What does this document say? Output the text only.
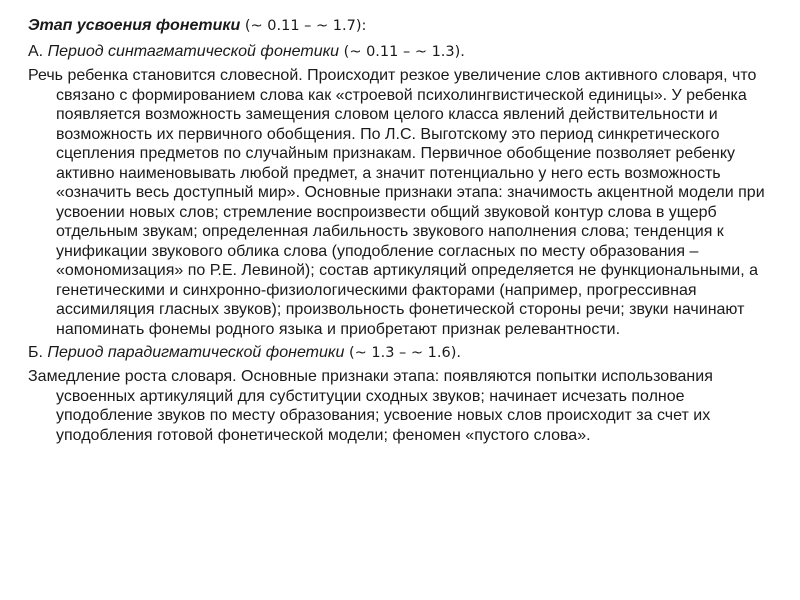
Этап усвоения фонетики (~ 0.11 – ~ 1.7):
А. Период синтагматической фонетики (~ 0.11 – ~ 1.3).

Речь ребенка становится словесной. Происходит резкое увеличение слов активного словаря, что связано с формированием слова как «строевой психолингвистической единицы». У ребенка появляется возможность замещения словом целого класса явлений действительности и возможность их первичного обобщения. По Л.С. Выготскому это период синкретического сцепления предметов по случайным признакам. Первичное обобщение позволяет ребенку активно наименовывать любой предмет, а значит потенциально у него есть возможность «означить весь доступный мир». Основные признаки этапа: значимость акцентной модели при усвоении новых слов; стремление воспроизвести общий звуковой контур слова в ущерб отдельным звукам; определенная лабильность звукового наполнения слова; тенденция к унификации звукового облика слова (уподобление согласных по месту образования – «омономизация» по Р.Е. Левиной); состав артикуляций определяется не функциональными, а генетическими и синхронно-физиологическими факторами (например, прогрессивная ассимиляция гласных звуков); произвольность фонетической стороны речи; звуки начинают напоминать фонемы родного языка и приобретают признак релевантности.

Б. Период парадигматической фонетики (~ 1.3 – ~ 1.6).

Замедление роста словаря. Основные признаки этапа: появляются попытки использования усвоенных артикуляций для субституции сходных звуков; начинает исчезать полное уподобление звуков по месту образования; усвоение новых слов происходит за счет их уподобления готовой фонетической модели; феномен «пустого слова».
